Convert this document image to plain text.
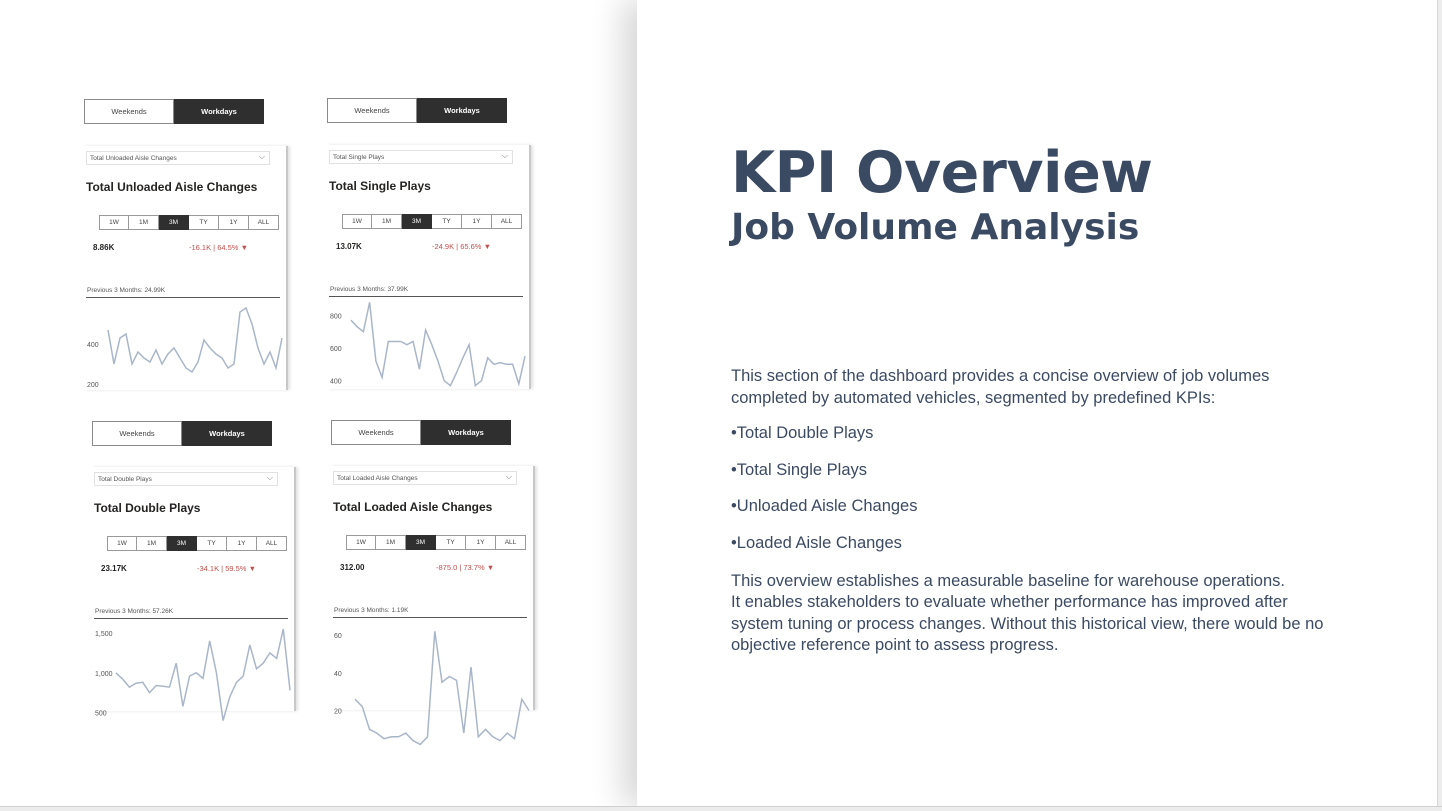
Weekends	Workdays
Total Unloaded Aisle Changes	⌵
Total Unloaded Aisle Changes
1W	1M	3M	TY	1Y	ALL
8.86K	-16.1K | 64.5% ▼
Previous 3 Months: 24.99K
400
200
Weekends	Workdays
Total Single Plays	⌵
Total Single Plays
1W	1M	3M	TY	1Y	ALL
13.07K	-24.9K | 65.6% ▼
Previous 3 Months: 37.99K
800
600
400
Weekends	Workdays
Total Double Plays	⌵
Total Double Plays
1W	1M	3M	TY	1Y	ALL
23.17K	-34.1K | 59.5% ▼
Previous 3 Months: 57.26K
1,500
1,000
500
Weekends	Workdays
Total Loaded Aisle Changes	⌵
Total Loaded Aisle Changes
1W	1M	3M	TY	1Y	ALL
312.00	-875.0 | 73.7% ▼
Previous 3 Months: 1.19K
60
40
20
KPI Overview
Job Volume Analysis
This section of the dashboard provides a concise overview of job volumes completed by automated vehicles, segmented by predefined KPIs:
•Total Double Plays
•Total Single Plays
•Unloaded Aisle Changes
•Loaded Aisle Changes
This overview establishes a measurable baseline for warehouse operations.
It enables stakeholders to evaluate whether performance has improved after system tuning or process changes. Without this historical view, there would be no objective reference point to assess progress.
